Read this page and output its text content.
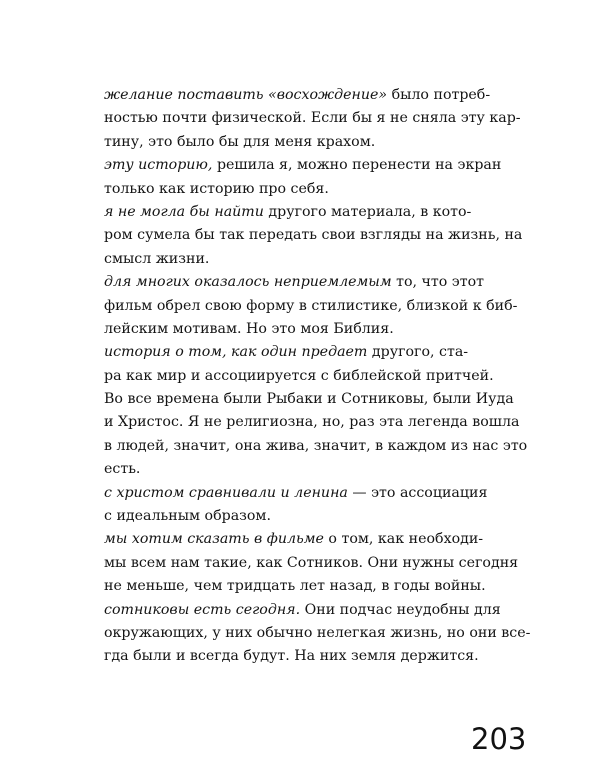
желание поставить «восхождение» было потреб-
ностью почти физической. Если бы я не сняла эту кар-
тину, это было бы для меня крахом.
эту историю, решила я, можно перенести на экран
только как историю про себя.
я не могла бы найти другого материала, в кото-
ром сумела бы так передать свои взгляды на жизнь, на
смысл жизни.
для многих оказалось неприемлемым то, что этот
фильм обрел свою форму в стилистике, близкой к биб-
лейским мотивам. Но это моя Библия.
история о том, как один предает другого, ста-
ра как мир и ассоциируется с библейской притчей.
Во все времена были Рыбаки и Сотниковы, были Иуда
и Христос. Я не религиозна, но, раз эта легенда вошла
в людей, значит, она жива, значит, в каждом из нас это
есть.
с христом сравнивали и ленина — это ассоциация
с идеальным образом.
мы хотим сказать в фильме о том, как необходи-
мы всем нам такие, как Сотников. Они нужны сегодня
не меньше, чем тридцать лет назад, в годы войны.
сотниковы есть сегодня. Они подчас неудобны для
окружающих, у них обычно нелегкая жизнь, но они все-
гда были и всегда будут. На них земля держится.
203
